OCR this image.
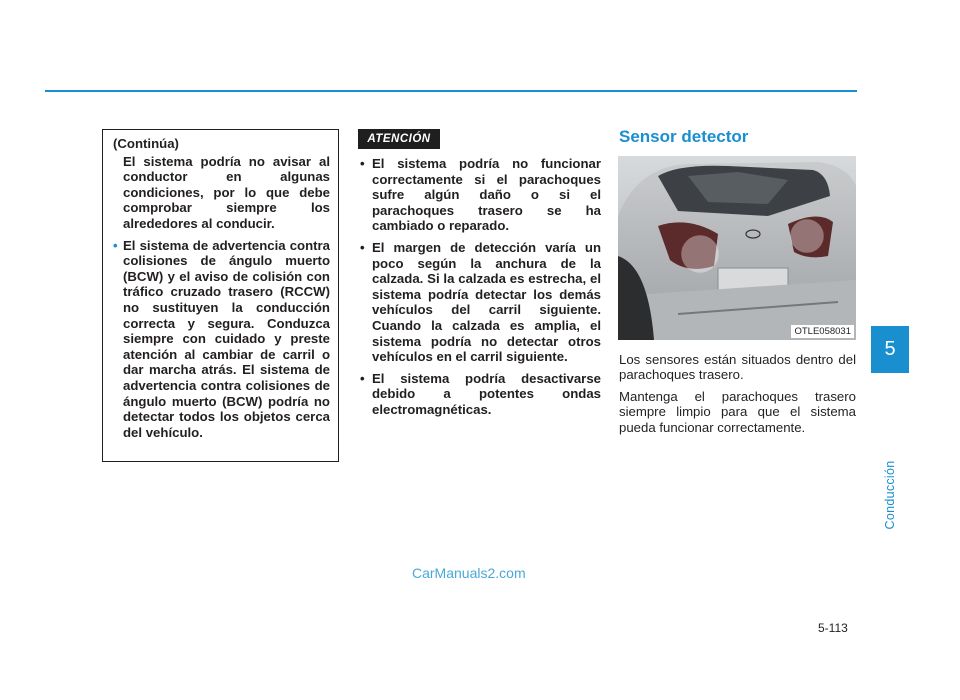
(Continúa)
El sistema podría no avisar al conductor en algunas condiciones, por lo que debe comprobar siempre los alrededores al conducir.
• El sistema de advertencia contra colisiones de ángulo muerto (BCW) y el aviso de colisión con tráfico cruzado trasero (RCCW) no sustituyen la conducción correcta y segura. Conduzca siempre con cuidado y preste atención al cambiar de carril o dar marcha atrás. El sistema de advertencia contra colisiones de ángulo muerto (BCW) podría no detectar todos los objetos cerca del vehículo.
ATENCIÓN
• El sistema podría no funcionar correctamente si el parachoques sufre algún daño o si el parachoques trasero se ha cambiado o reparado.
• El margen de detección varía un poco según la anchura de la calzada. Si la calzada es estrecha, el sistema podría detectar los demás vehículos del carril siguiente. Cuando la calzada es amplia, el sistema podría no detectar otros vehículos en el carril siguiente.
• El sistema podría desactivarse debido a potentes ondas electromagnéticas.
Sensor detector
OTLE058031

Los sensores están situados dentro del parachoques trasero.

Mantenga el parachoques trasero siempre limpio para que el sistema pueda funcionar correctamente.

5
Conducción
CarManuals2.com
5-113
